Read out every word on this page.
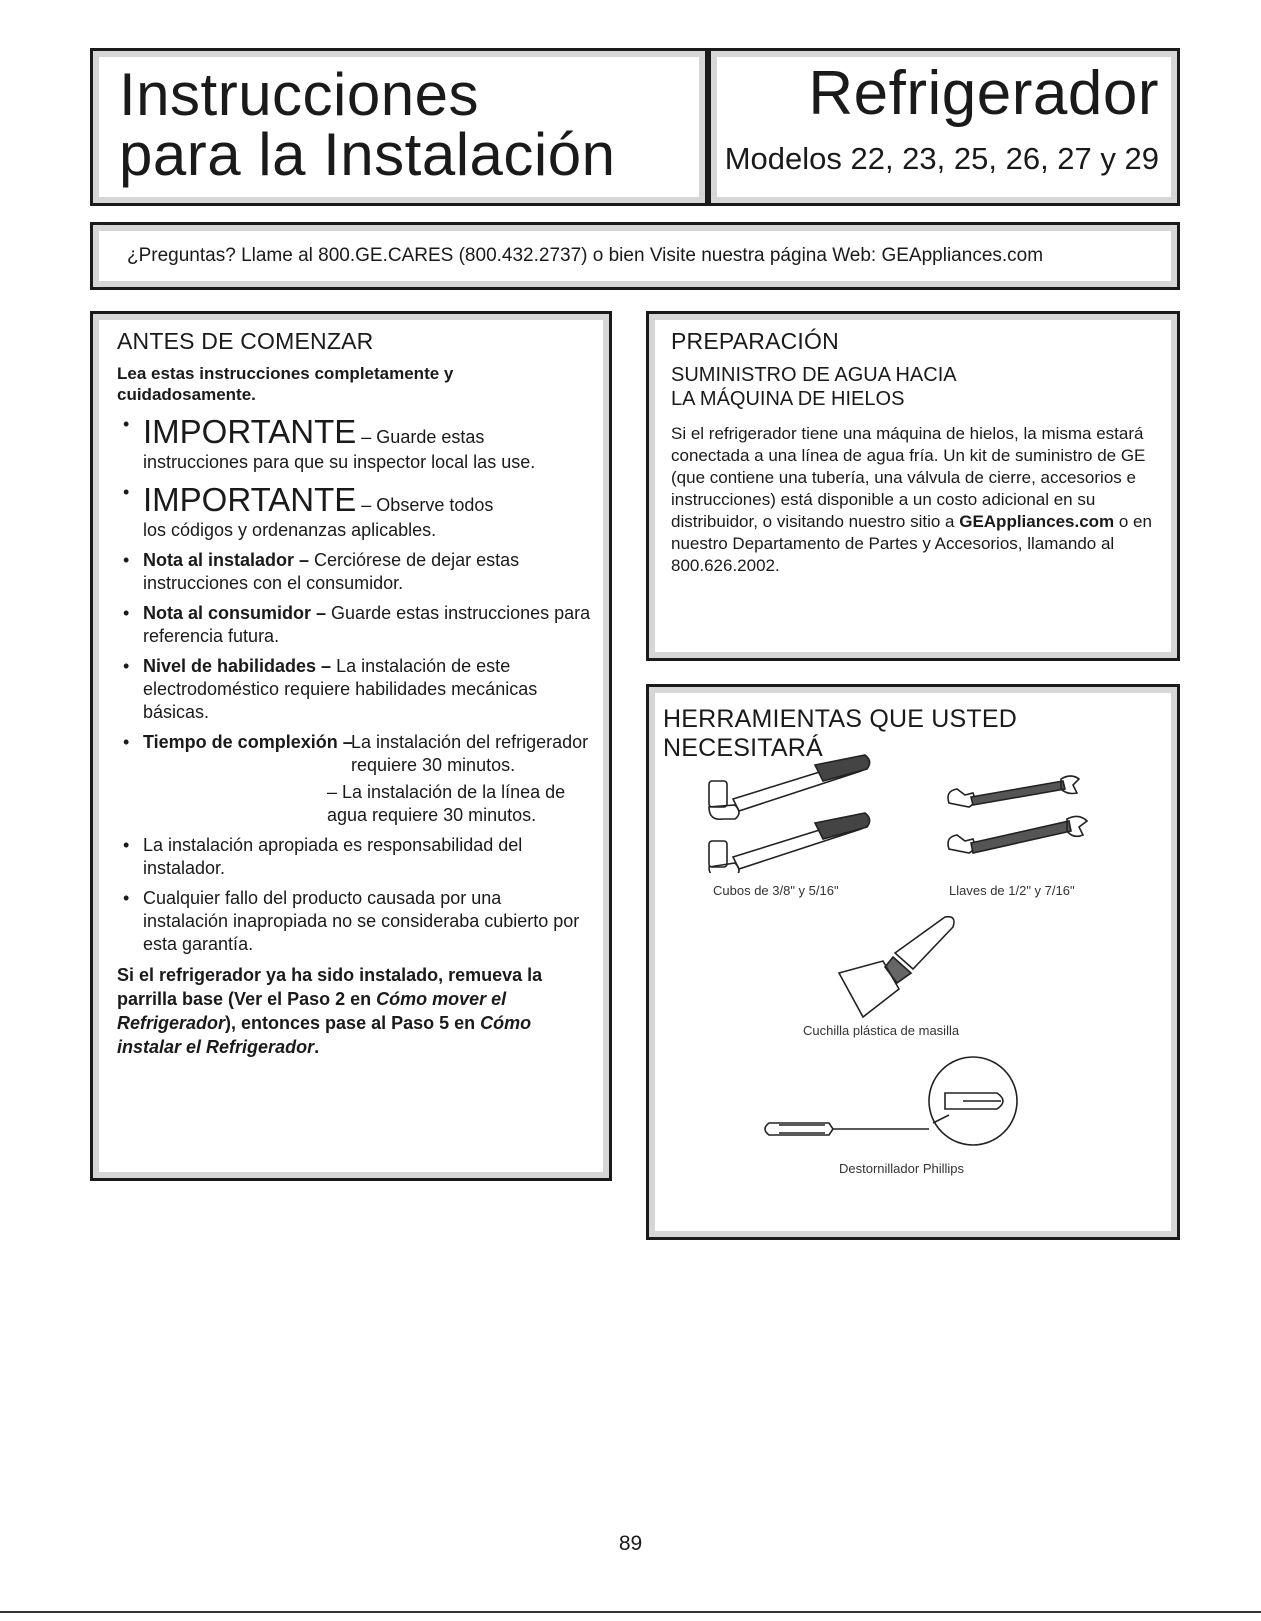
Instrucciones
para la Instalación
Refrigerador
Modelos 22, 23, 25, 26, 27 y 29
¿Preguntas? Llame al 800.GE.CARES (800.432.2737) o bien Visite nuestra página Web: GEAppliances.com
ANTES DE COMENZAR

Lea estas instrucciones completamente y cuidadosamente.

• IMPORTANTE – Guarde estas
instrucciones para que su inspector local las use.
• IMPORTANTE – Observe todos
los códigos y ordenanzas aplicables.
• Nota al instalador – Cerciórese de dejar estas instrucciones con el consumidor.
• Nota al consumidor – Guarde estas instrucciones para referencia futura.
• Nivel de habilidades – La instalación de este electrodoméstico requiere habilidades mecánicas básicas.
• Tiempo de complexión –
La instalación del refrigerador requiere 30 minutos.
– La instalación de la línea de agua requiere 30 minutos.
• La instalación apropiada es responsabilidad del instalador.
• Cualquier fallo del producto causada por una instalación inapropiada no se consideraba cubierto por esta garantía.
Si el refrigerador ya ha sido instalado, remueva la parrilla base (Ver el Paso 2 en Cómo mover el Refrigerador), entonces pase al Paso 5 en Cómo instalar el Refrigerador.
PREPARACIÓN
SUMINISTRO DE AGUA HACIA
LA MÁQUINA DE HIELOS

Si el refrigerador tiene una máquina de hielos, la misma estará conectada a una línea de agua fría. Un kit de suministro de GE (que contiene una tubería, una válvula de cierre, accesorios e instrucciones) está disponible a un costo adicional en su distribuidor, o visitando nuestro sitio a GEAppliances.com o en nuestro Departamento de Partes y Accesorios, llamando al 800.626.2002.

HERRAMIENTAS QUE USTED NECESITARÁ
Cubos de 3/8" y 5/16"	Llaves de 1/2" y 7/16"
Cuchilla plástica de masilla
Destornillador Phillips
89
